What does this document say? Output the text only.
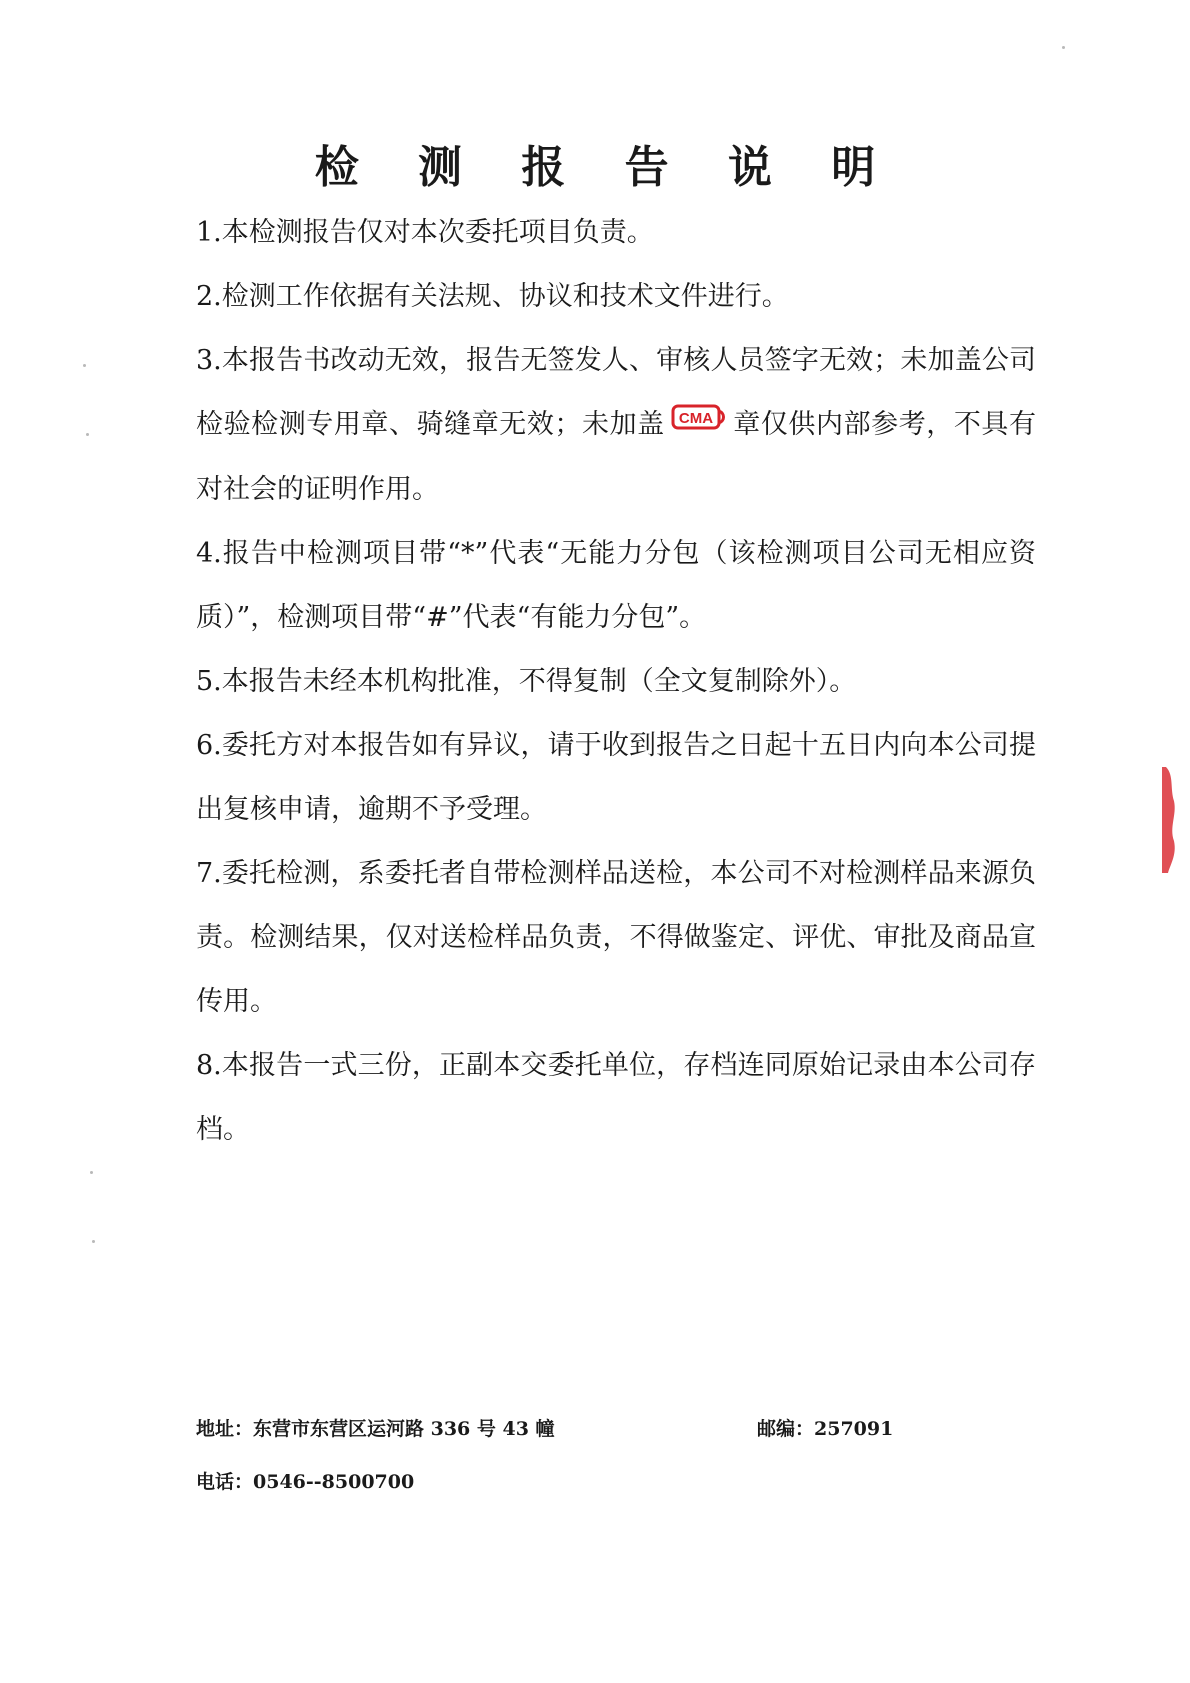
检 测 报 告 说 明

1.本检测报告仅对本次委托项目负责。

2.检测工作依据有关法规、协议和技术文件进行。

3.本报告书改动无效，报告无签发人、审核人员签字无效；未加盖公司检验检测专用章、骑缝章无效；未加盖 CMA 章仅供内部参考，不具有对社会的证明作用。

4.报告中检测项目带“*”代表“无能力分包（该检测项目公司无相应资质）”，检测项目带“#”代表“有能力分包”。

5.本报告未经本机构批准，不得复制（全文复制除外）。

6.委托方对本报告如有异议，请于收到报告之日起十五日内向本公司提出复核申请，逾期不予受理。

7.委托检测，系委托者自带检测样品送检，本公司不对检测样品来源负责。检测结果，仅对送检样品负责，不得做鉴定、评优、审批及商品宣传用。

8.本报告一式三份，正副本交委托单位，存档连同原始记录由本公司存档。

地址：东营市东营区运河路 336 号 43 幢	邮编：257091
电话：0546--8500700
